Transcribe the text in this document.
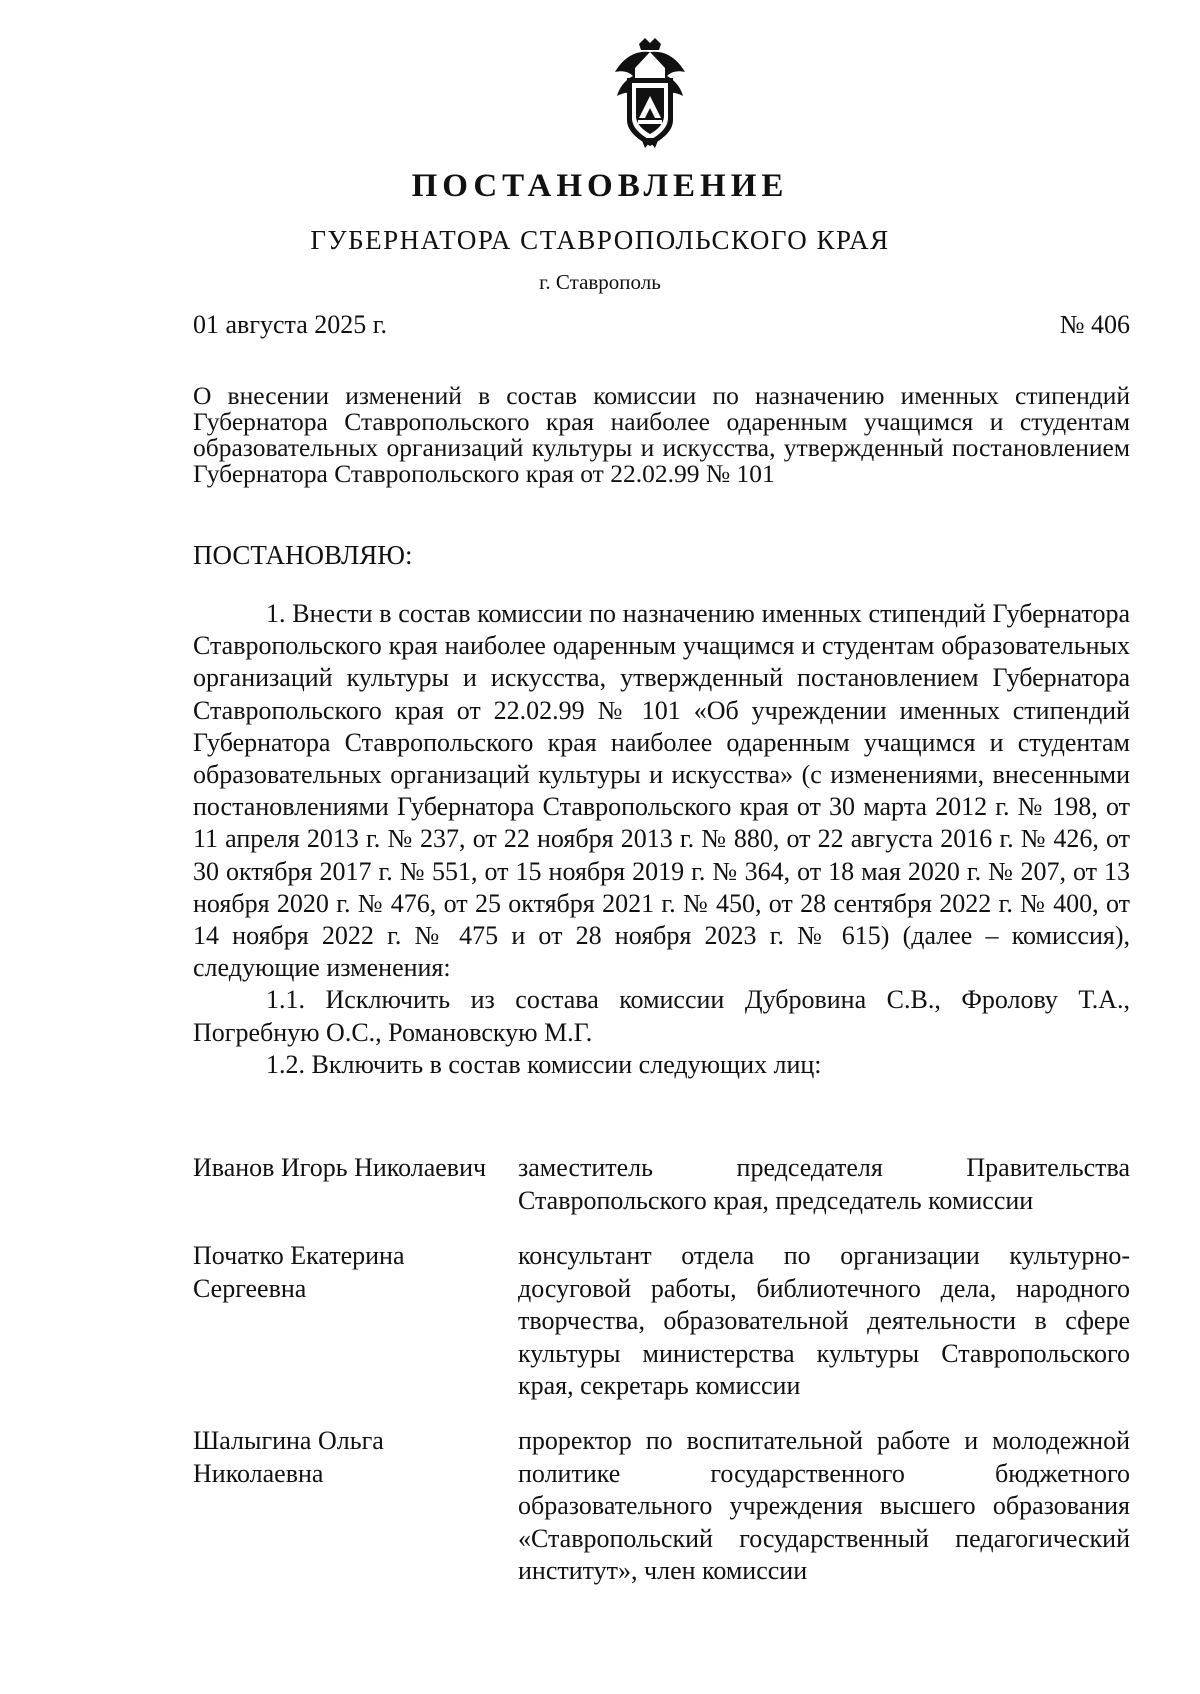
ПОСТАНОВЛЕНИЕ
ГУБЕРНАТОРА СТАВРОПОЛЬСКОГО КРАЯ
г. Ставрополь
01 августа 2025 г.	№ 406
О внесении изменений в состав комиссии по назначению именных стипендий Губернатора Ставропольского края наиболее одаренным учащимся и студентам образовательных организаций культуры и искусства, утвержденный постановлением Губернатора Ставропольского края от 22.02.99 № 101
ПОСТАНОВЛЯЮ:

1. Внести в состав комиссии по назначению именных стипендий Губернатора Ставропольского края наиболее одаренным учащимся и студентам образовательных организаций культуры и искусства, утвержденный постановлением Губернатора Ставропольского края от 22.02.99 № 101 «Об учреждении именных стипендий Губернатора Ставропольского края наиболее одаренным учащимся и студентам образовательных организаций культуры и искусства» (с изменениями, внесенными постановлениями Губернатора Ставропольского края от 30 марта 2012 г. № 198, от 11 апреля 2013 г. № 237, от 22 ноября 2013 г. № 880, от 22 августа 2016 г. № 426, от 30 октября 2017 г. № 551, от 15 ноября 2019 г. № 364, от 18 мая 2020 г. № 207, от 13 ноября 2020 г. № 476, от 25 октября 2021 г. № 450, от 28 сентября 2022 г. № 400, от 14 ноября 2022 г. № 475 и от 28 ноября 2023 г. № 615) (далее – комиссия), следующие изменения:

1.1. Исключить из состава комиссии Дубровина С.В., Фролову Т.А., Погребную О.С., Романовскую М.Г.

1.2. Включить в состав комиссии следующих лиц:

Иванов Игорь Николаевич заместитель председателя Правительства Ставропольского края, председатель комиссии
Початко Екатерина Сергеевна
консультант отдела по организации культурно-досуговой работы, библиотечного дела, народного творчества, образовательной деятельности в сфере культуры министерства культуры Ставропольского края, секретарь комиссии
Шалыгина Ольга Николаевна
проректор по воспитательной работе и молодежной политике государственного бюджетного образовательного учреждения высшего образования «Ставропольский государственный педагогический институт», член комиссии
